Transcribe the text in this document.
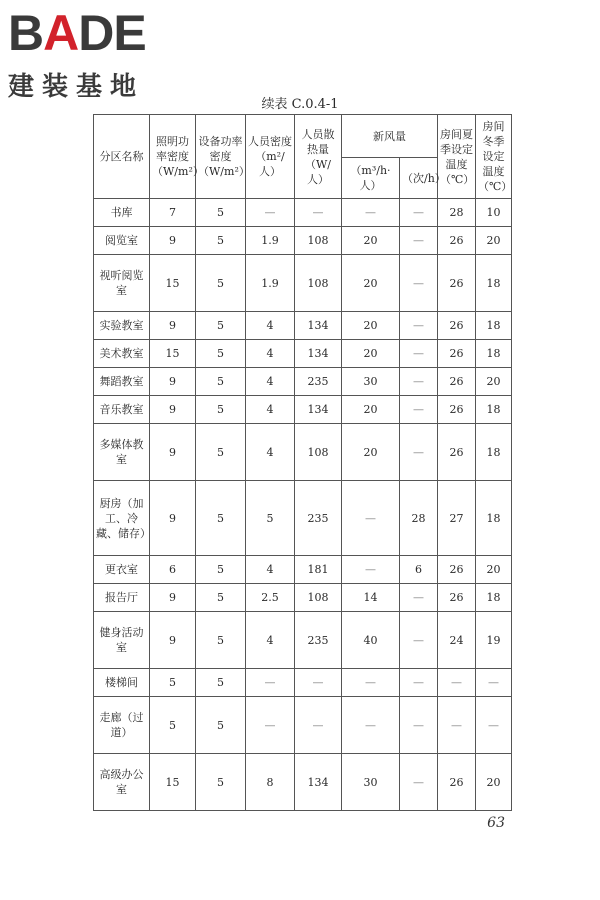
BADE
建装基地
续表 C.0.4-1
分区名称	照明功率密度（W/m²）	设备功率密度（W/m²）	人员密度（m²/人）	人员散热量（W/人）	新风量		房间夏季设定温度（℃）	房间冬季设定温度（℃）
					（m³/h·人）	（次/h）		
书库	7	5	—	—	—	—	28	10
阅览室	9	5	1.9	108	20	—	26	20
视听阅览室	15	5	1.9	108	20	—	26	18
实验教室	9	5	4	134	20	—	26	18
美术教室	15	5	4	134	20	—	26	18
舞蹈教室	9	5	4	235	30	—	26	20
音乐教室	9	5	4	134	20	—	26	18
多媒体教室	9	5	4	108	20	—	26	18
厨房（加工、冷藏、储存）	9	5	5	235	—	28	27	18
更衣室	6	5	4	181	—	6	26	20
报告厅	9	5	2.5	108	14	—	26	18
健身活动室	9	5	4	235	40	—	24	19
楼梯间	5	5	—	—	—	—	—	—
走廊（过道）	5	5	—	—	—	—	—	—
高级办公室	15	5	8	134	30	—	26	20
63
